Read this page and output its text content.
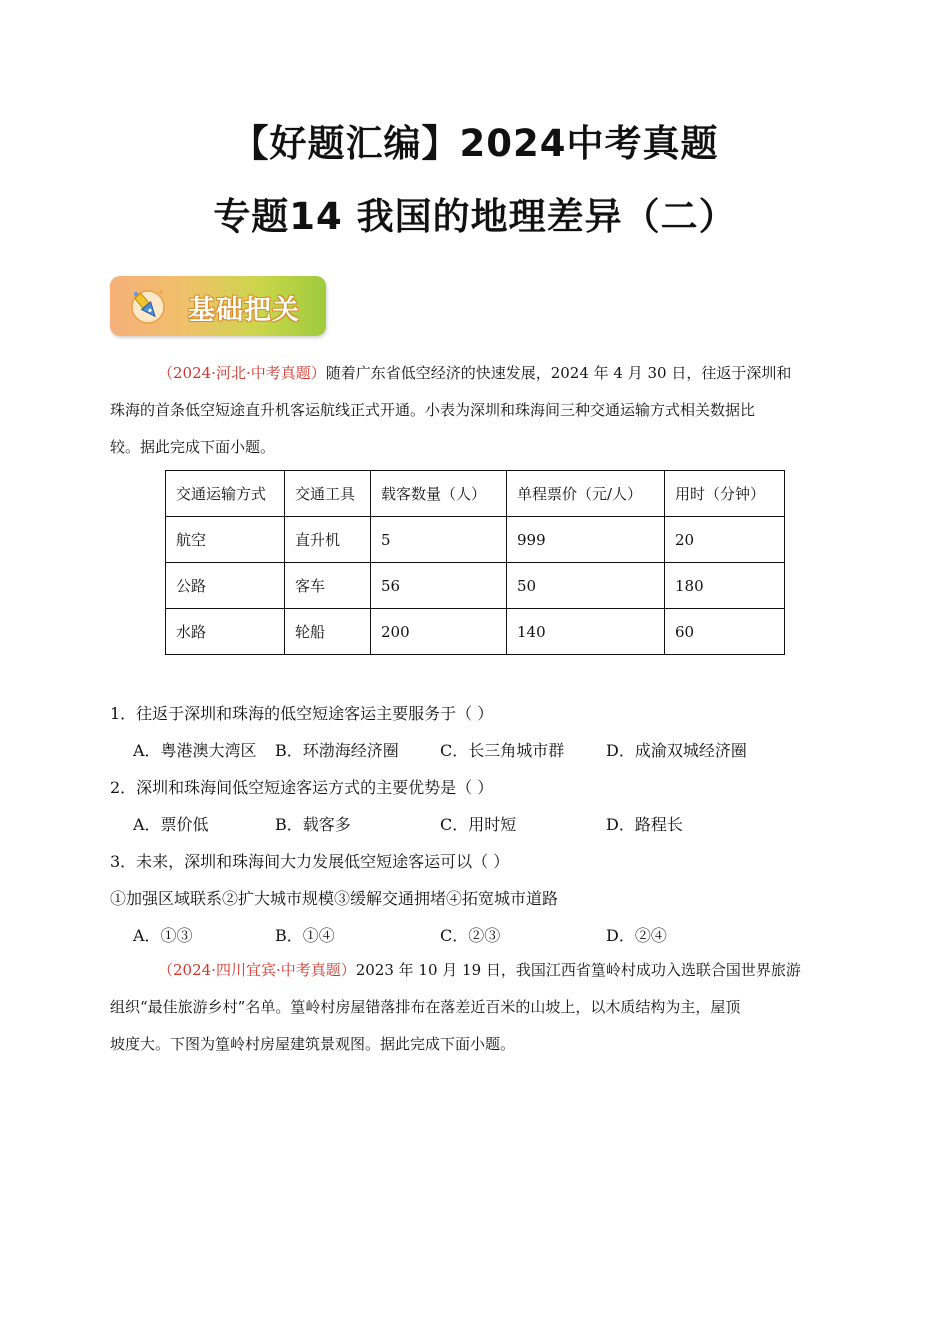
【好题汇编】2024中考真题
专题14 我国的地理差异（二）
基础把关
（2024·河北·中考真题）随着广东省低空经济的快速发展，2024 年 4 月 30 日，往返于深圳和
珠海的首条低空短途直升机客运航线正式开通。小表为深圳和珠海间三种交通运输方式相关数据比
较。据此完成下面小题。
交通运输方式	交通工具	载客数量（人）	单程票价（元/人）	用时（分钟）
航空	直升机	5	999	20
公路	客车	56	50	180
水路	轮船	200	140	60
1．往返于深圳和珠海的低空短途客运主要服务于（ ）
A．粤港澳大湾区 B．环渤海经济圈	C．长三角城市群	D．成渝双城经济圈
2．深圳和珠海间低空短途客运方式的主要优势是（ ）
A．票价低	B．载客多	C．用时短	D．路程长
3．未来，深圳和珠海间大力发展低空短途客运可以（ ）
①加强区域联系②扩大城市规模③缓解交通拥堵④拓宽城市道路
A．①③	B．①④	C．②③	D．②④
（2024·四川宜宾·中考真题）2023 年 10 月 19 日，我国江西省篁岭村成功入选联合国世界旅游
组织“最佳旅游乡村”名单。篁岭村房屋错落排布在落差近百米的山坡上，以木质结构为主，屋顶
坡度大。下图为篁岭村房屋建筑景观图。据此完成下面小题。
